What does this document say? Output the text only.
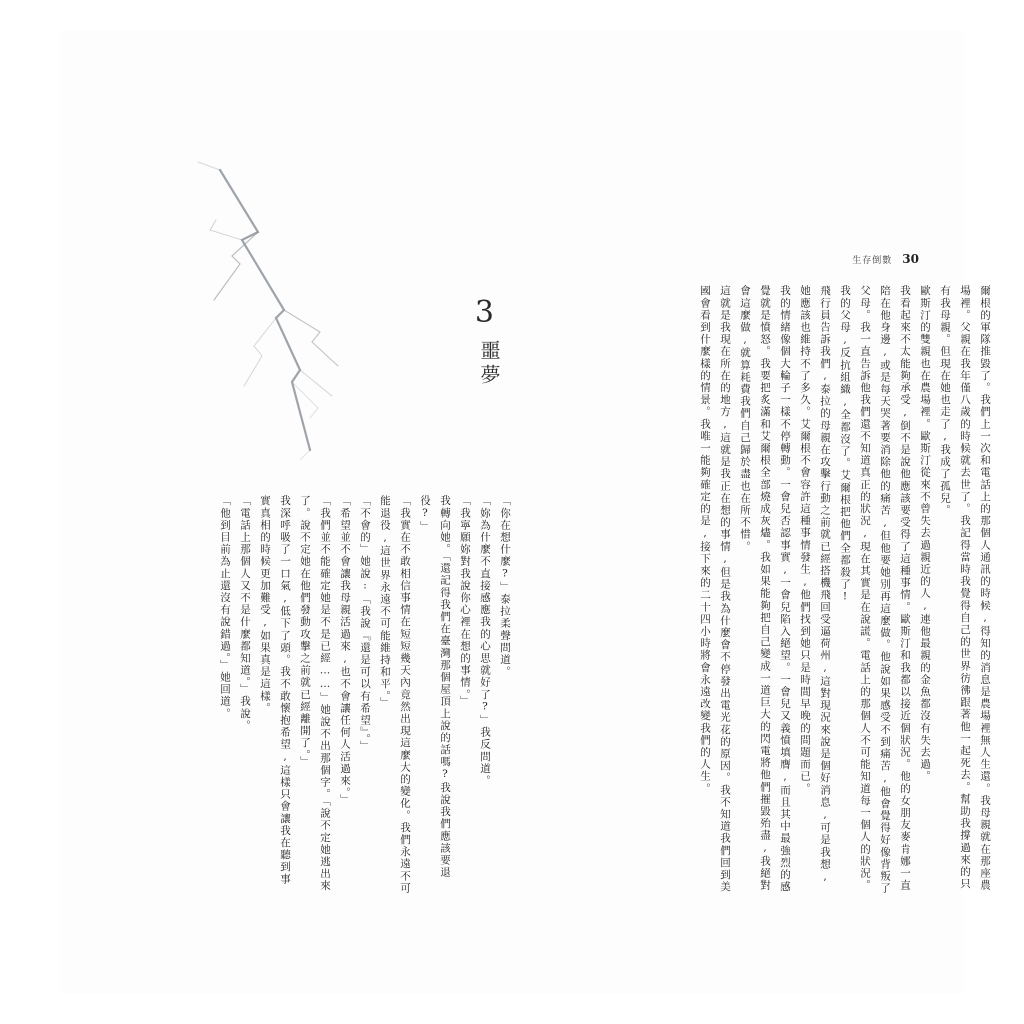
3
噩夢
生存倒數 30
「你在想什麼?」泰拉柔聲問道。
「妳為什麼不直接感應我的心思就好了?」我反問道。
「我寧願妳對我說你心裡在想的事情。」
我轉向她。「還記得我們在臺灣那個屋頂上說的話嗎?我說我們應該要退役?」
「我實在不敢相信事情在短短幾天內竟然出現這麼大的變化。我們永遠不可能退役,這世界永遠不可能維持和平。」
「不會的」她說:「我說『還是可以有希望』。」
「希望並不會讓我母親活過來,也不會讓任何人活過來。」
「我們並不能確定她是不是已經……」她說不出那個字。「說不定她逃出來了。說不定她在他們發動攻擊之前就已經離開了。」
我深呼吸了一口氣,低下了頭。我不敢懷抱希望,這樣只會讓我在聽到事實真相的時候更加難受,如果真是這樣。
「電話上那個人又不是什麼都知道。」我說。
「他到目前為止還沒有說錯過。」她回道。	爾根的軍隊推毀了。我們上一次和電話上的那個人通訊的時候,得知的消息是農場裡無人生還。我母親就在那座農場裡。父親在我年僅八歲的時候就去世了。我記得當時我覺得自己的世界彷彿跟著他一起死去。幫助我撐過來的只有我母親。但現在她也走了,我成了孤兒。
歐斯汀的雙親也在農場裡。歐斯汀從來不曾失去過親近的人,連他最親的金魚都沒有失去過。
我看起來不太能夠承受,倒不是說他應該要受得了這種事情。歐斯汀和我都以接近個狀況。他的女朋友麥肯娜一直陪在他身邊,或是每天哭著要消除他的痛苦,但他要她別再這麼做。他說如果感受不到痛苦,他會覺得好像背叛了父母。我一直告訴他我們還不知道真正的狀況,現在其實是在說謊。電話上的那個人不可能知道每一個人的狀況。
我的父母,反抗組織,全都沒了。艾爾根把他們全都殺了!
飛行員告訴我們,泰拉的母親在攻擊行動之前就已經搭機飛回受逼荷州,這對現況來說是個好消息,可是我想,她應該也維持不了多久。艾爾根不會容許這種事情發生,他們找到她只是時間早晚的問題而已。
我的情緒像個大輪子一樣不停轉動。一會兒否認事實,一會兒陷入絕望。一會兒又義憤填膺,而且其中最強烈的感覺就是憤怒。我要把炙滿和艾爾根全部燒成灰燼。我如果能夠把自己變成一道巨大的閃電將他們摧毀殆盡,我絕對會這麼做,就算耗費我們自己歸於盡也在所不惜。
這就是我現在所在的地方,這就是我正在想的事情,但是我為什麼會不停發出電光花的原因。我不知道我們回到美國會看到什麼樣的情景。我唯一能夠確定的是,接下來的二十四小時將會永遠改變我們的人生。
